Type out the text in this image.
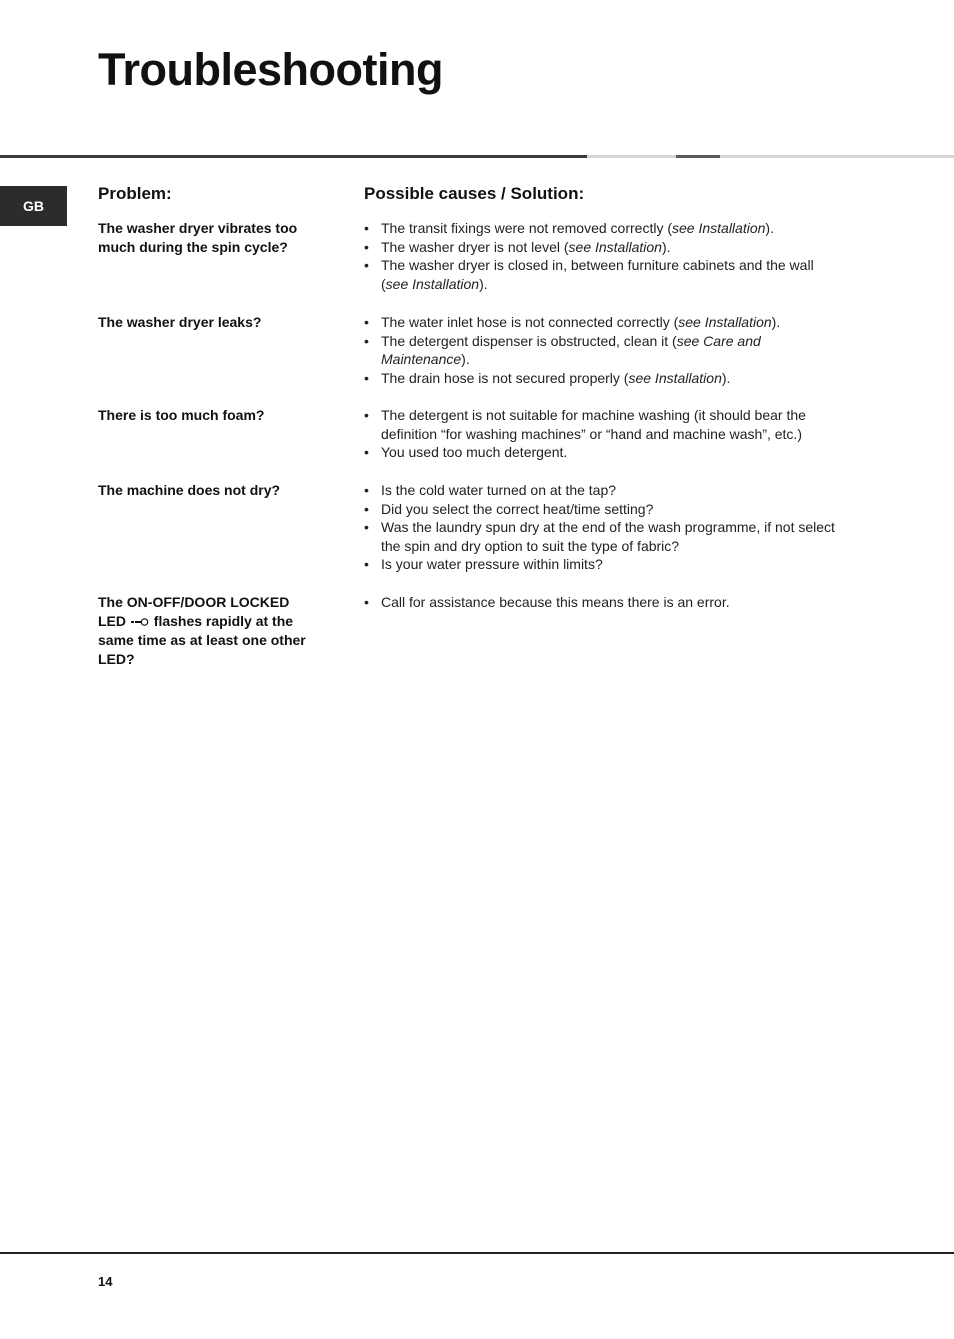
Troubleshooting
GB
Problem:	Possible causes / Solution:
The washer dryer vibrates too much during the spin cycle?
• The transit fixings were not removed correctly (see Installation).
• The washer dryer is not level (see Installation).
• The washer dryer is closed in, between furniture cabinets and the wall (see Installation).
The washer dryer leaks?	• The water inlet hose is not connected correctly (see Installation).
• The detergent dispenser is obstructed, clean it (see Care and Maintenance).
• The drain hose is not secured properly (see Installation).
There is too much foam?	• The detergent is not suitable for machine washing (it should bear the definition “for washing machines” or “hand and machine wash”, etc.)
• You used too much detergent.
The machine does not dry?	• Is the cold water turned on at the tap?
• Did you select the correct heat/time setting?
• Was the laundry spun dry at the end of the wash programme, if not select the spin and dry option to suit the type of fabric?
• Is your water pressure within limits?
The ON-OFF/DOOR LOCKED LED flashes rapidly at the same time as at least one other LED?
• Call for assistance because this means there is an error.
14
